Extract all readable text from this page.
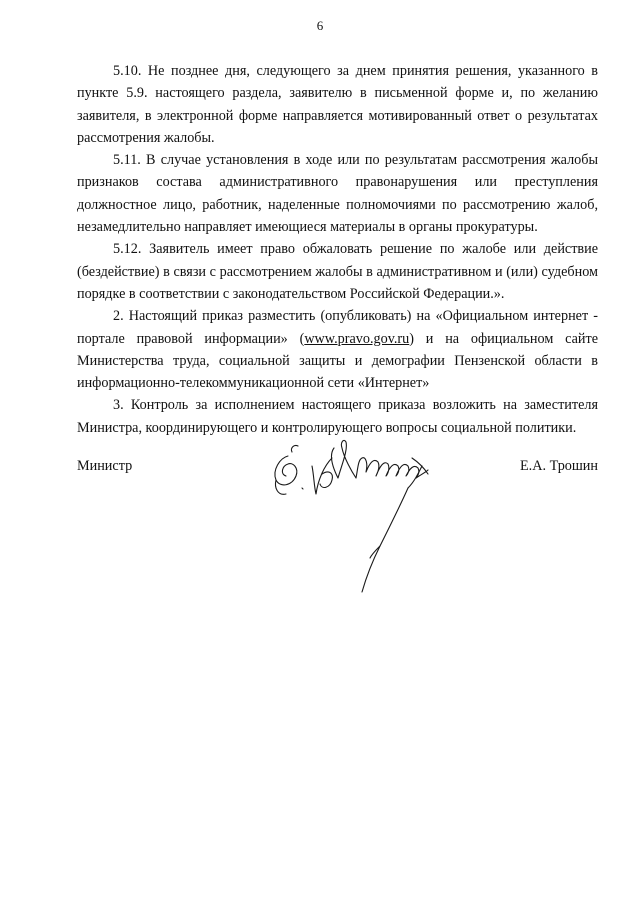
6

5.10. Не позднее дня, следующего за днем принятия решения, указанного в пункте 5.9. настоящего раздела, заявителю в письменной форме и, по желанию заявителя, в электронной форме направляется мотивированный ответ о результатах рассмотрения жалобы.

5.11. В случае установления в ходе или по результатам рассмотрения жалобы признаков состава административного правонарушения или преступления должностное лицо, работник, наделенные полномочиями по рассмотрению жалоб, незамедлительно направляет имеющиеся материалы в органы прокуратуры.

5.12. Заявитель имеет право обжаловать решение по жалобе или действие (бездействие) в связи с рассмотрением жалобы в административном и (или) судебном порядке в соответствии с законодательством Российской Федерации.».

2. Настоящий приказ разместить (опубликовать) на «Официальном интернет - портале правовой информации» (www.pravo.gov.ru) и на официальном сайте Министерства труда, социальной защиты и демографии Пензенской области в информационно-телекоммуникационной сети «Интернет»

3. Контроль за исполнением настоящего приказа возложить на заместителя Министра, координирующего и контролирующего вопросы социальной политики.

Министр	Е.А. Трошин
